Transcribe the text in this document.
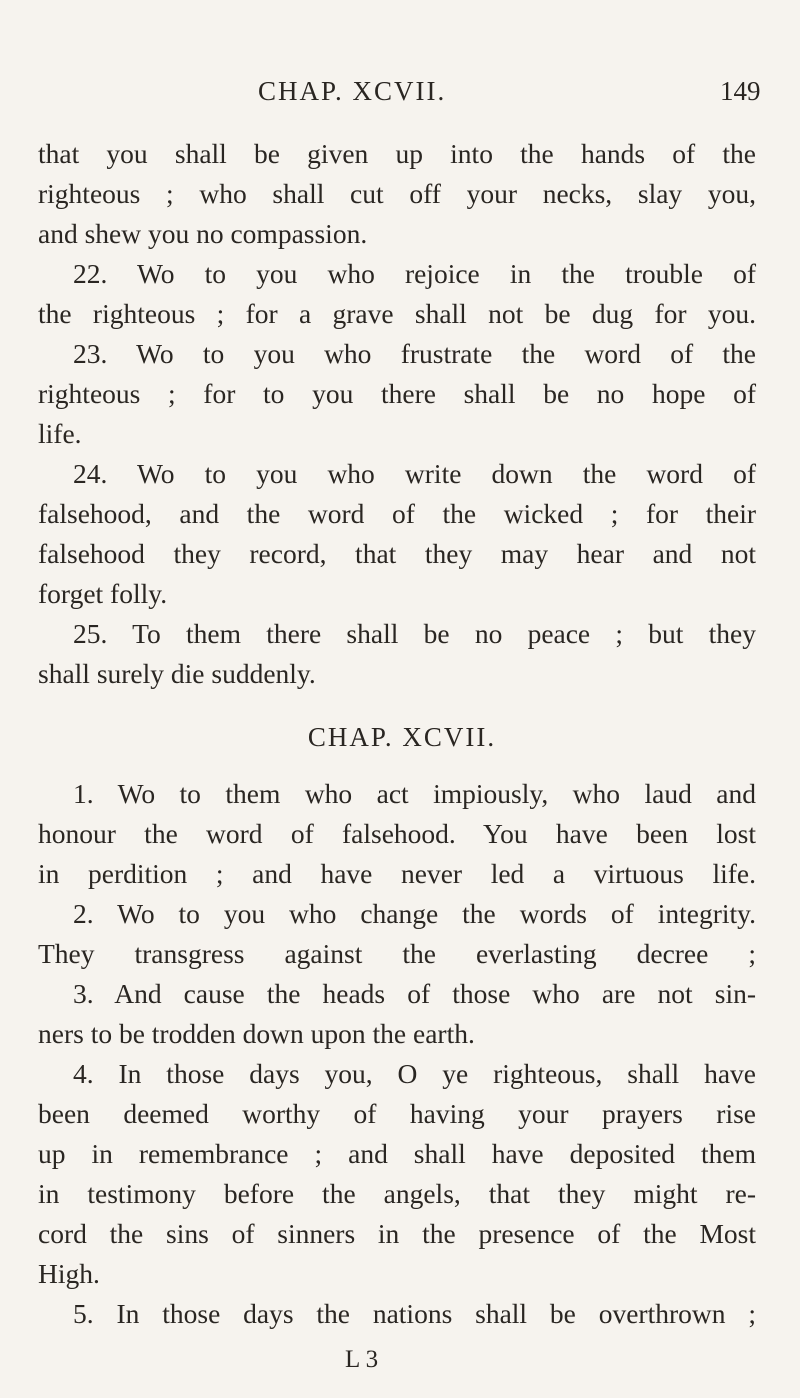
CHAP. XCVII.	149
that you shall be given up into the hands of the
righteous ; who shall cut off your necks, slay you,
and shew you no compassion.
22. Wo to you who rejoice in the trouble of
the righteous ; for a grave shall not be dug for you.
23. Wo to you who frustrate the word of the
righteous ; for to you there shall be no hope of
life.
24. Wo to you who write down the word of
falsehood, and the word of the wicked ; for their
falsehood they record, that they may hear and not
forget folly.
25. To them there shall be no peace ; but they
shall surely die suddenly.
CHAP. XCVII.
1. Wo to them who act impiously, who laud and
honour the word of falsehood. You have been lost
in perdition ; and have never led a virtuous life.
2. Wo to you who change the words of integrity.
They transgress against the everlasting decree ;
3. And cause the heads of those who are not sin-
ners to be trodden down upon the earth.
4. In those days you, O ye righteous, shall have
been deemed worthy of having your prayers rise
up in remembrance ; and shall have deposited them
in testimony before the angels, that they might re-
cord the sins of sinners in the presence of the Most
High.
5. In those days the nations shall be overthrown ;
L 3
